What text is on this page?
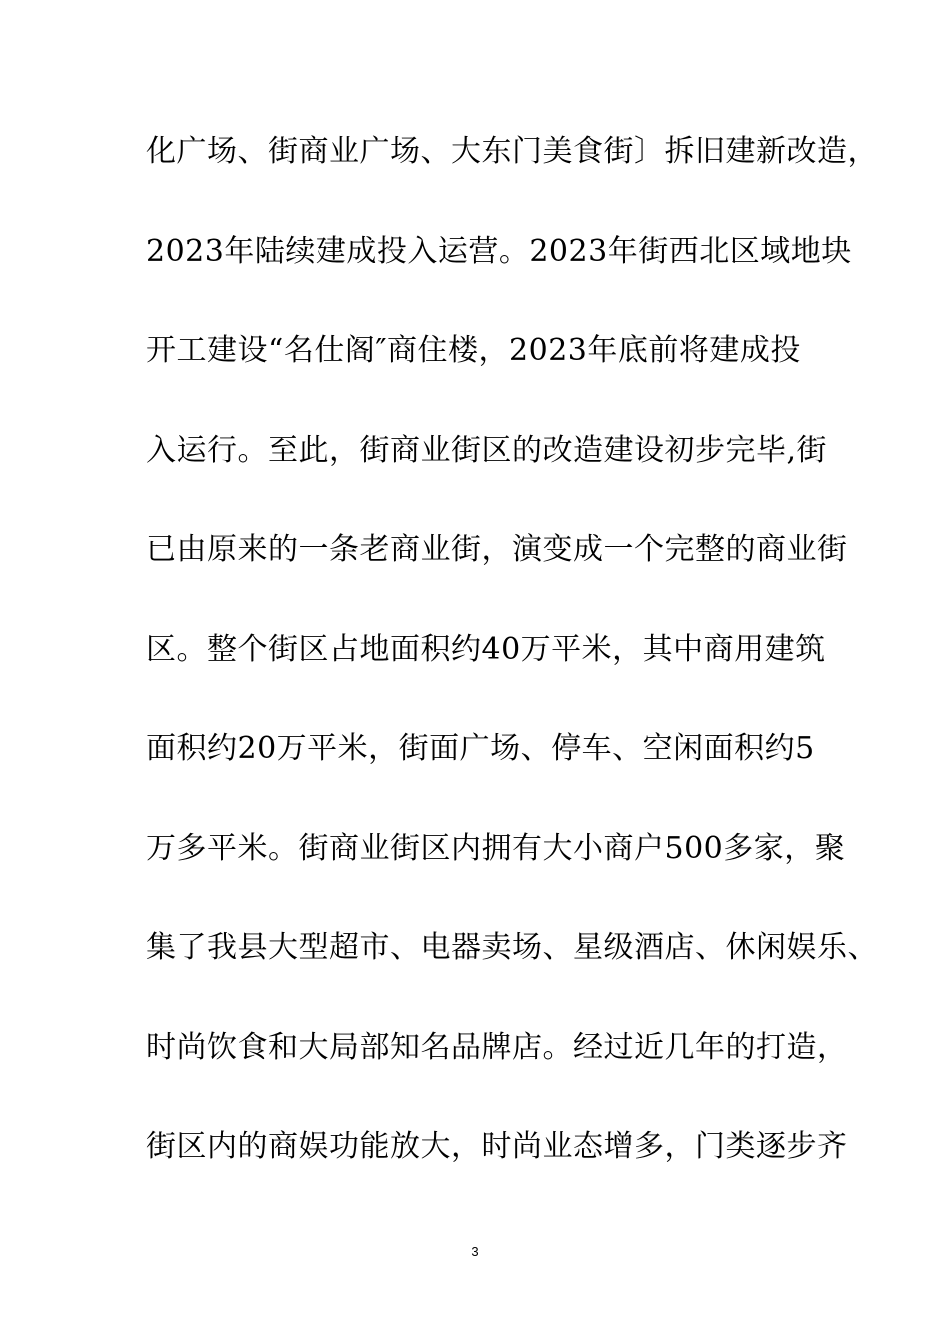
化广场、街商业广场、大东门美食街〕拆旧建新改造，
2023年陆续建成投入运营。2023年街西北区域地块
开工建设“名仕阁″商住楼，2023年底前将建成投
入运行。至此，街商业街区的改造建设初步完毕,街
已由原来的一条老商业街，演变成一个完整的商业街
区。整个街区占地面积约40万平米，其中商用建筑
面积约20万平米，街面广场、停车、空闲面积约5
万多平米。街商业街区内拥有大小商户500多家，聚
集了我县大型超市、电器卖场、星级酒店、休闲娱乐、
时尚饮食和大局部知名品牌店。经过近几年的打造，
街区内的商娱功能放大，时尚业态增多，门类逐步齐
3
